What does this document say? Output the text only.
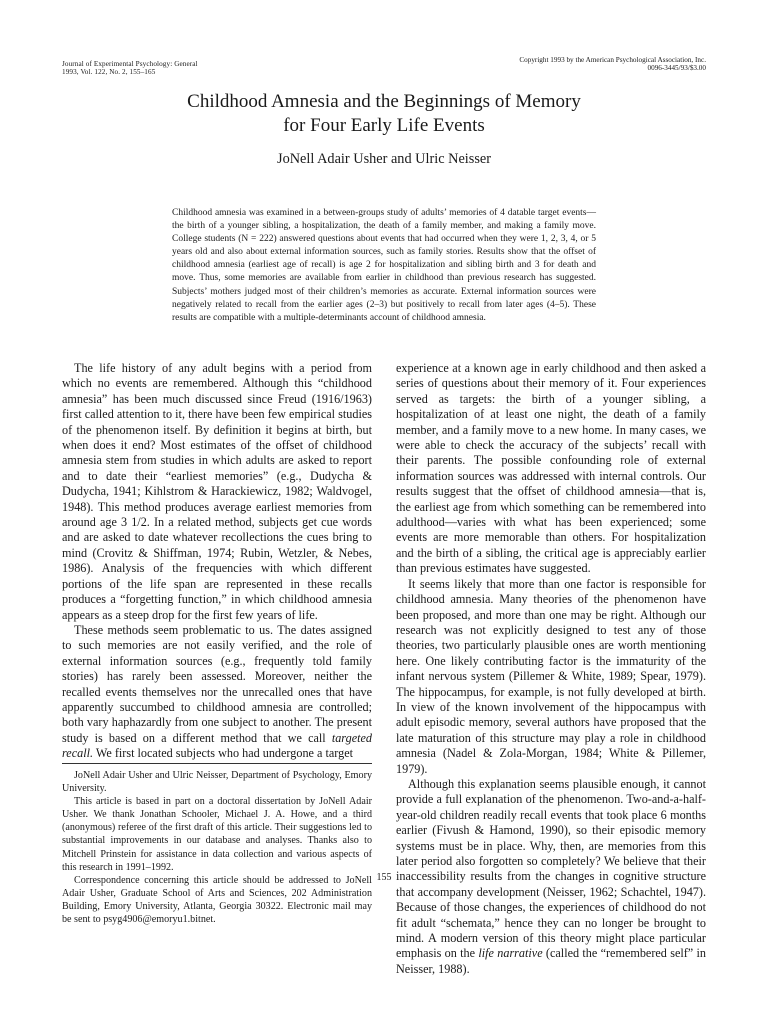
Journal of Experimental Psychology: General
1993, Vol. 122, No. 2, 155–165
Copyright 1993 by the American Psychological Association, Inc.
0096-3445/93/$3.00
Childhood Amnesia and the Beginnings of Memory
for Four Early Life Events
JoNell Adair Usher and Ulric Neisser

Childhood amnesia was examined in a between-groups study of adults’ memories of 4 datable target events—the birth of a younger sibling, a hospitalization, the death of a family member, and making a family move. College students (N = 222) answered questions about events that had occurred when they were 1, 2, 3, 4, or 5 years old and also about external information sources, such as family stories. Results show that the offset of childhood amnesia (earliest age of recall) is age 2 for hospitalization and sibling birth and 3 for death and move. Thus, some memories are available from earlier in childhood than previous research has suggested. Subjects’ mothers judged most of their children’s memories as accurate. External information sources were negatively related to recall from the earlier ages (2–3) but positively to recall from later ages (4–5). These results are compatible with a multiple-determinants account of childhood amnesia.

The life history of any adult begins with a period from which no events are remembered. Although this “childhood amnesia” has been much discussed since Freud (1916/1963) first called attention to it, there have been few empirical studies of the phenomenon itself. By definition it begins at birth, but when does it end? Most estimates of the offset of childhood amnesia stem from studies in which adults are asked to report and to date their “earliest memories” (e.g., Dudycha & Dudycha, 1941; Kihlstrom & Harackiewicz, 1982; Waldvogel, 1948). This method produces average earliest memories from around age 3 1/2. In a related method, subjects get cue words and are asked to date whatever recollections the cues bring to mind (Crovitz & Shiffman, 1974; Rubin, Wetzler, & Nebes, 1986). Analysis of the frequencies with which different portions of the life span are represented in these recalls produces a “forgetting function,” in which childhood amnesia appears as a steep drop for the first few years of life.

These methods seem problematic to us. The dates assigned to such memories are not easily verified, and the role of external information sources (e.g., frequently told family stories) has rarely been assessed. Moreover, neither the recalled events themselves nor the unrecalled ones that have apparently succumbed to childhood amnesia are controlled; both vary haphazardly from one subject to another. The present study is based on a different method that we call targeted recall. We first located subjects who had undergone a target

JoNell Adair Usher and Ulric Neisser, Department of Psychology, Emory University.

This article is based in part on a doctoral dissertation by JoNell Adair Usher. We thank Jonathan Schooler, Michael J. A. Howe, and a third (anonymous) referee of the first draft of this article. Their suggestions led to substantial improvements in our database and analyses. Thanks also to Mitchell Prinstein for assistance in data collection and various aspects of this research in 1991–1992.

Correspondence concerning this article should be addressed to JoNell Adair Usher, Graduate School of Arts and Sciences, 202 Administration Building, Emory University, Atlanta, Georgia 30322. Electronic mail may be sent to psyg4906@emoryu1.bitnet.

experience at a known age in early childhood and then asked a series of questions about their memory of it. Four experiences served as targets: the birth of a younger sibling, a hospitalization of at least one night, the death of a family member, and a family move to a new home. In many cases, we were able to check the accuracy of the subjects’ recall with their parents. The possible confounding role of external information sources was addressed with internal controls. Our results suggest that the offset of childhood amnesia—that is, the earliest age from which something can be remembered into adulthood—varies with what has been experienced; some events are more memorable than others. For hospitalization and the birth of a sibling, the critical age is appreciably earlier than previous estimates have suggested.

It seems likely that more than one factor is responsible for childhood amnesia. Many theories of the phenomenon have been proposed, and more than one may be right. Although our research was not explicitly designed to test any of those theories, two particularly plausible ones are worth mentioning here. One likely contributing factor is the immaturity of the infant nervous system (Pillemer & White, 1989; Spear, 1979). The hippocampus, for example, is not fully developed at birth. In view of the known involvement of the hippocampus with adult episodic memory, several authors have proposed that the late maturation of this structure may play a role in childhood amnesia (Nadel & Zola-Morgan, 1984; White & Pillemer, 1979).

Although this explanation seems plausible enough, it cannot provide a full explanation of the phenomenon. Two-and-a-half-year-old children readily recall events that took place 6 months earlier (Fivush & Hamond, 1990), so their episodic memory systems must be in place. Why, then, are memories from this later period also forgotten so completely? We believe that their inaccessibility results from the changes in cognitive structure that accompany development (Neisser, 1962; Schachtel, 1947). Because of those changes, the experiences of childhood do not fit adult “schemata,” hence they can no longer be brought to mind. A modern version of this theory might place particular emphasis on the life narrative (called the “remembered self” in Neisser, 1988).

155
